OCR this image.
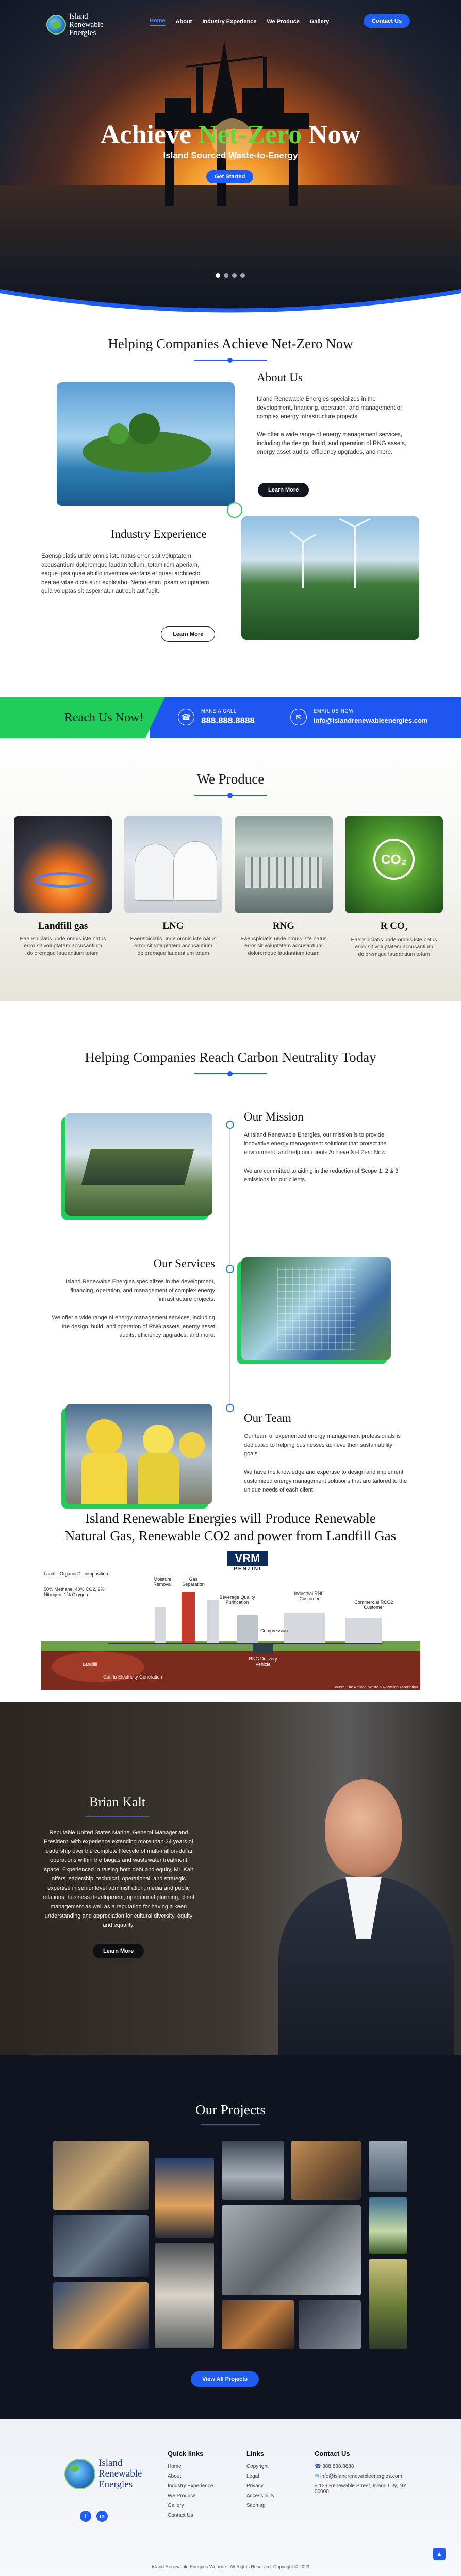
Island
Renewable
Energies
Home About Industry Experience We Produce Gallery	Contact Us
Achieve Net-Zero Now
Island Sourced Waste-to-Energy
Get Started
Helping Companies Achieve Net-Zero Now
About Us
Island Renewable Energies specializes in the development, financing, operation, and management of complex energy infrastructure projects.
We offer a wide range of energy management services, including the design, build, and operation of RNG assets, energy asset audits, efficiency upgrades, and more.
Learn More
Industry Experience
Eaenspiciatis unde omnis iste natus error sait voluptatem accusantium doloremque laudan tellum, totam rem aperiam, eaque ipsa quae ab illo inventore veritatis et quasi architecto beatae vitae dicta sunt explicabo. Nemo enim ipsam voluptatem quia voluptas sit aspernatur aut odit aut fugit.
Learn More
Reach Us Now!	☎
MAKE A CALL
888.888.8888	✉
EMAIL US NOW
info@islandrenewableenergies.com
We Produce
Landfill gas

Eaenspiciatis unde omnis iste natus error sit voluptatem accusantium doloremque laudantium totam

LNG

Eaenspiciatis unde omnis iste natus error sit voluptatem accusantium doloremque laudantium totam

RNG

Eaenspiciatis unde omnis iste natus error sit voluptatem accusantium doloremque laudantium totam

CO₂
R $CO_2$

Eaenspiciatis unde omnis iste natus error sit voluptatem accusantium doloremque laudantium totam

Helping Companies Reach Carbon Neutrality Today
Our Mission
At Island Renewable Energies, our mission is to provide innovative energy management solutions that protect the environment, and help our clients Achieve Net Zero Now.
We are committed to aiding in the reduction of Scope 1, 2 & 3 emissions for our clients.
Our Services
Island Renewable Energies specializes in the development, financing, operation, and management of complex energy infrastructure projects.
We offer a wide range of energy management services, including the design, build, and operation of RNG assets, energy asset audits, efficiency upgrades, and more.
Our Team
Our team of experienced energy management professionals is dedicated to helping businesses achieve their sustainability goals.
We have the knowledge and expertise to design and implement customized energy management solutions that are tailored to the unique needs of each client.
Island Renewable Energies will Produce Renewable
Natural Gas, Renewable CO2 and power from Landfill Gas
Brian Kalt
Reputable United States Marine, General Manager and President, with experience extending more than 24 years of leadership over the complete lifecycle of multi-million-dollar operations within the biogas and wastewater treatment space. Experienced in raising both debt and equity, Mr. Kalt offers leadership, technical, operational, and strategic expertise in senior level administration, media and public relations, business development, operational planning, client management as well as a reputation for having a keen understanding and appreciation for cultural diversity, equity and equality.
Learn More
Landfill Organic Decomposition
50% Methane, 40% CO2, 9% Nitrogen, 1% Oxygen
Moisture Removal
Gas Separation
Beverage Quality Purification
Compression
Industrial RNG Customer
Commercial RCO2 Customer
RNG Delivery Vehicle
Landfill
Gas to Electricity Generation
VRM
PENZINI
Source: The National Waste & Recycling Association
Our Projects
View All Projects
Island
Renewable
Energies
f	in
Quick links

Home

About

Industry Experience

We Produce

Gallery

Contact Us

Links

Copyright

Legal

Privacy

Accessibility

Sitemap

Contact Us

☎ 888.888.8888

✉ info@islandrenewableenergies.com

⌖ 123 Renewable Street, Island City, NY 00000

Island Renewable Energies Website - All Rights Reserved. Copyright © 2023
▲
